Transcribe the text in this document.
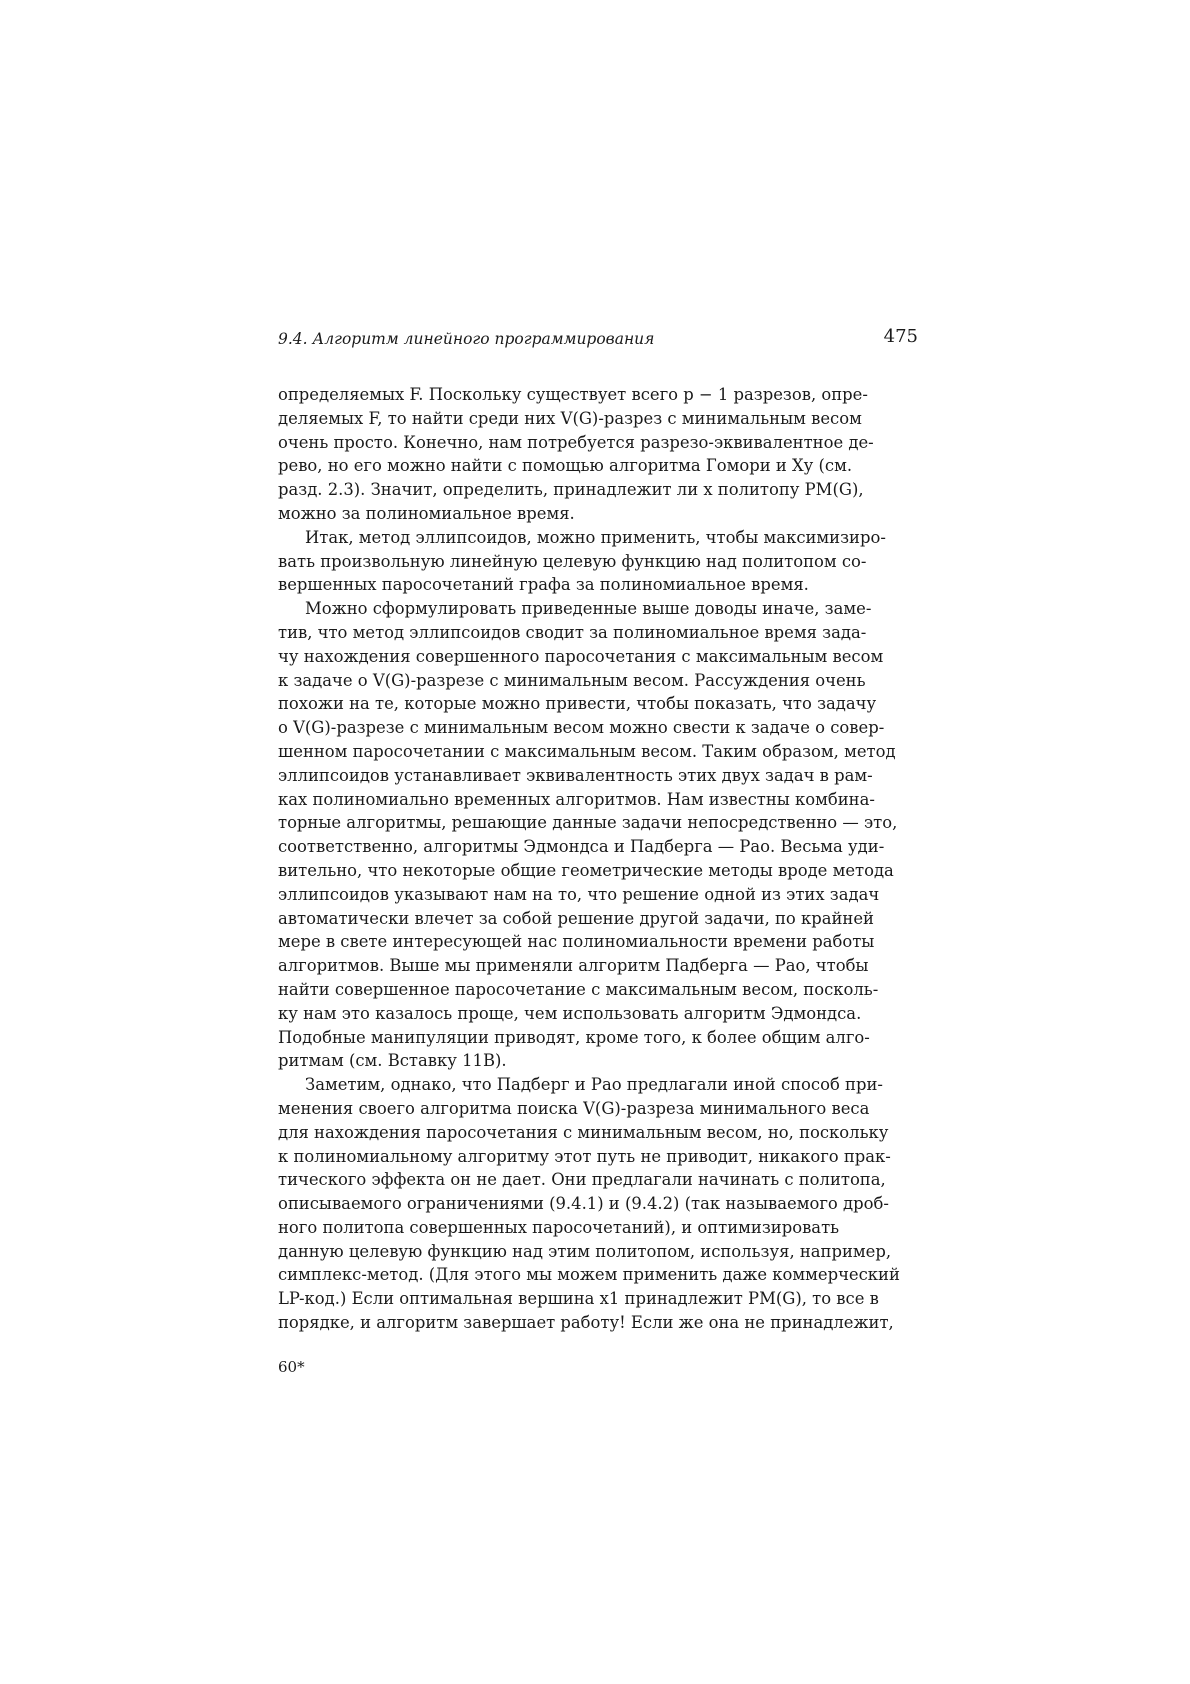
9.4. Алгоритм линейного программирования	475
определяемых F. Поскольку существует всего p − 1 разрезов, опре-
деляемых F, то найти среди них V(G)-разрез с минимальным весом
очень просто. Конечно, нам потребуется разрезо-эквивалентное де-
рево, но его можно найти с помощью алгоритма Гомори и Ху (см.
разд. 2.3). Значит, определить, принадлежит ли x политопу PM(G),
можно за полиномиальное время.
Итак, метод эллипсоидов, можно применить, чтобы максимизиро-
вать произвольную линейную целевую функцию над политопом со-
вершенных паросочетаний графа за полиномиальное время.
Можно сформулировать приведенные выше доводы иначе, заме-
тив, что метод эллипсоидов сводит за полиномиальное время зада-
чу нахождения совершенного паросочетания с максимальным весом
к задаче о V(G)-разрезе с минимальным весом. Рассуждения очень
похожи на те, которые можно привести, чтобы показать, что задачу
о V(G)-разрезе с минимальным весом можно свести к задаче о совер-
шенном паросочетании с максимальным весом. Таким образом, метод
эллипсоидов устанавливает эквивалентность этих двух задач в рам-
ках полиномиально временных алгоритмов. Нам известны комбина-
торные алгоритмы, решающие данные задачи непосредственно — это,
соответственно, алгоритмы Эдмондса и Падберга — Рао. Весьма уди-
вительно, что некоторые общие геометрические методы вроде метода
эллипсоидов указывают нам на то, что решение одной из этих задач
автоматически влечет за собой решение другой задачи, по крайней
мере в свете интересующей нас полиномиальности времени работы
алгоритмов. Выше мы применяли алгоритм Падберга — Рао, чтобы
найти совершенное паросочетание с максимальным весом, посколь-
ку нам это казалось проще, чем использовать алгоритм Эдмондса.
Подобные манипуляции приводят, кроме того, к более общим алго-
ритмам (см. Вставку 11В).
Заметим, однако, что Падберг и Рао предлагали иной способ при-
менения своего алгоритма поиска V(G)-разреза минимального веса
для нахождения паросочетания с минимальным весом, но, поскольку
к полиномиальному алгоритму этот путь не приводит, никакого прак-
тического эффекта он не дает. Они предлагали начинать с политопа,
описываемого ограничениями (9.4.1) и (9.4.2) (так называемого дроб-
ного политопа совершенных паросочетаний), и оптимизировать
данную целевую функцию над этим политопом, используя, например,
симплекс-метод. (Для этого мы можем применить даже коммерческий
LP-код.) Если оптимальная вершина x1 принадлежит PM(G), то все в
порядке, и алгоритм завершает работу! Если же она не принадлежит,
60*
